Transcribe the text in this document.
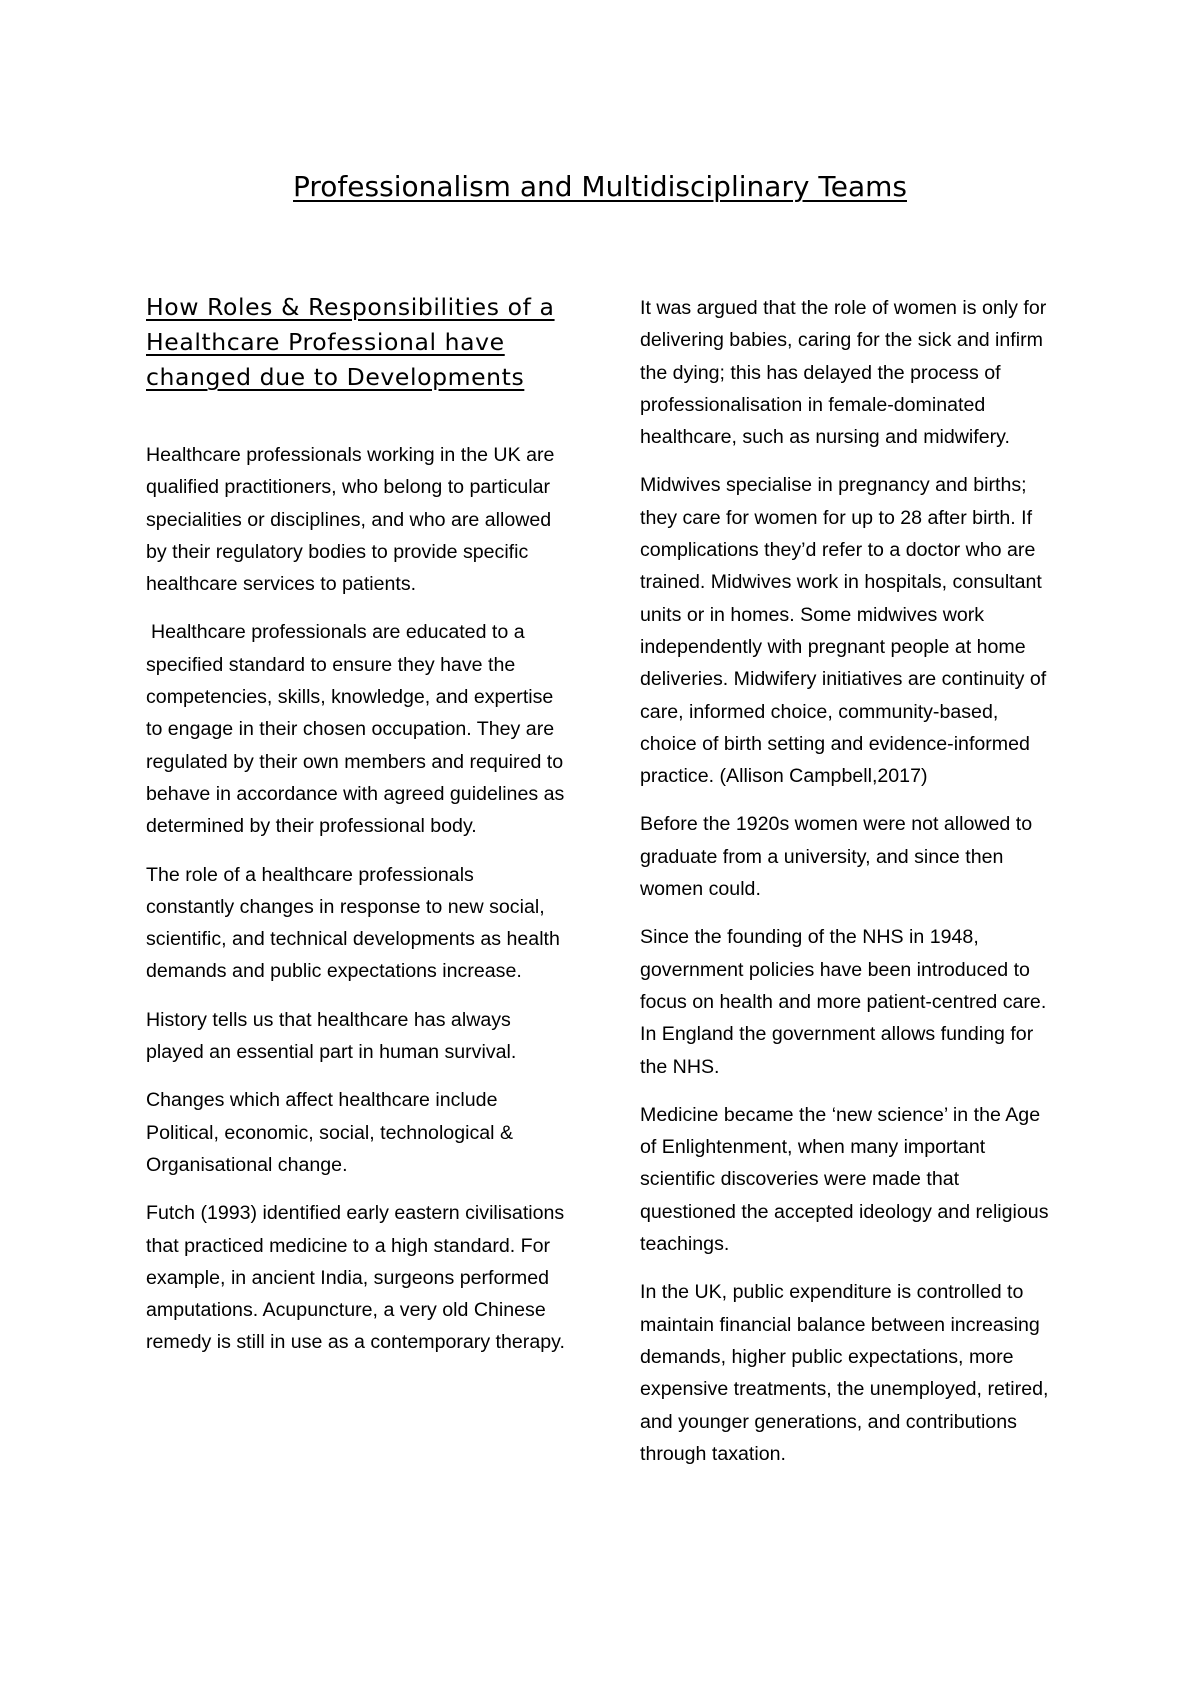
Professionalism and Multidisciplinary Teams
How Roles & Responsibilities of a Healthcare Professional have changed due to Developments

Healthcare professionals working in the UK are qualified practitioners, who belong to particular specialities or disciplines, and who are allowed by their regulatory bodies to provide specific healthcare services to patients.

Healthcare professionals are educated to a specified standard to ensure they have the competencies, skills, knowledge, and expertise to engage in their chosen occupation. They are regulated by their own members and required to behave in accordance with agreed guidelines as determined by their professional body.

The role of a healthcare professionals constantly changes in response to new social, scientific, and technical developments as health demands and public expectations increase.

History tells us that healthcare has always played an essential part in human survival.

Changes which affect healthcare include Political, economic, social, technological & Organisational change.

Futch (1993) identified early eastern civilisations that practiced medicine to a high standard. For example, in ancient India, surgeons performed amputations. Acupuncture, a very old Chinese remedy is still in use as a contemporary therapy.

It was argued that the role of women is only for delivering babies, caring for the sick and infirm the dying; this has delayed the process of professionalisation in female-dominated healthcare, such as nursing and midwifery.

Midwives specialise in pregnancy and births; they care for women for up to 28 after birth. If complications they’d refer to a doctor who are trained. Midwives work in hospitals, consultant units or in homes. Some midwives work independently with pregnant people at home deliveries. Midwifery initiatives are continuity of care, informed choice, community-based, choice of birth setting and evidence-informed practice. (Allison Campbell,2017)

Before the 1920s women were not allowed to graduate from a university, and since then women could.

Since the founding of the NHS in 1948, government policies have been introduced to focus on health and more patient-centred care. In England the government allows funding for the NHS.

Medicine became the ‘new science’ in the Age of Enlightenment, when many important scientific discoveries were made that questioned the accepted ideology and religious teachings.

In the UK, public expenditure is controlled to maintain financial balance between increasing demands, higher public expectations, more expensive treatments, the unemployed, retired, and younger generations, and contributions through taxation.
